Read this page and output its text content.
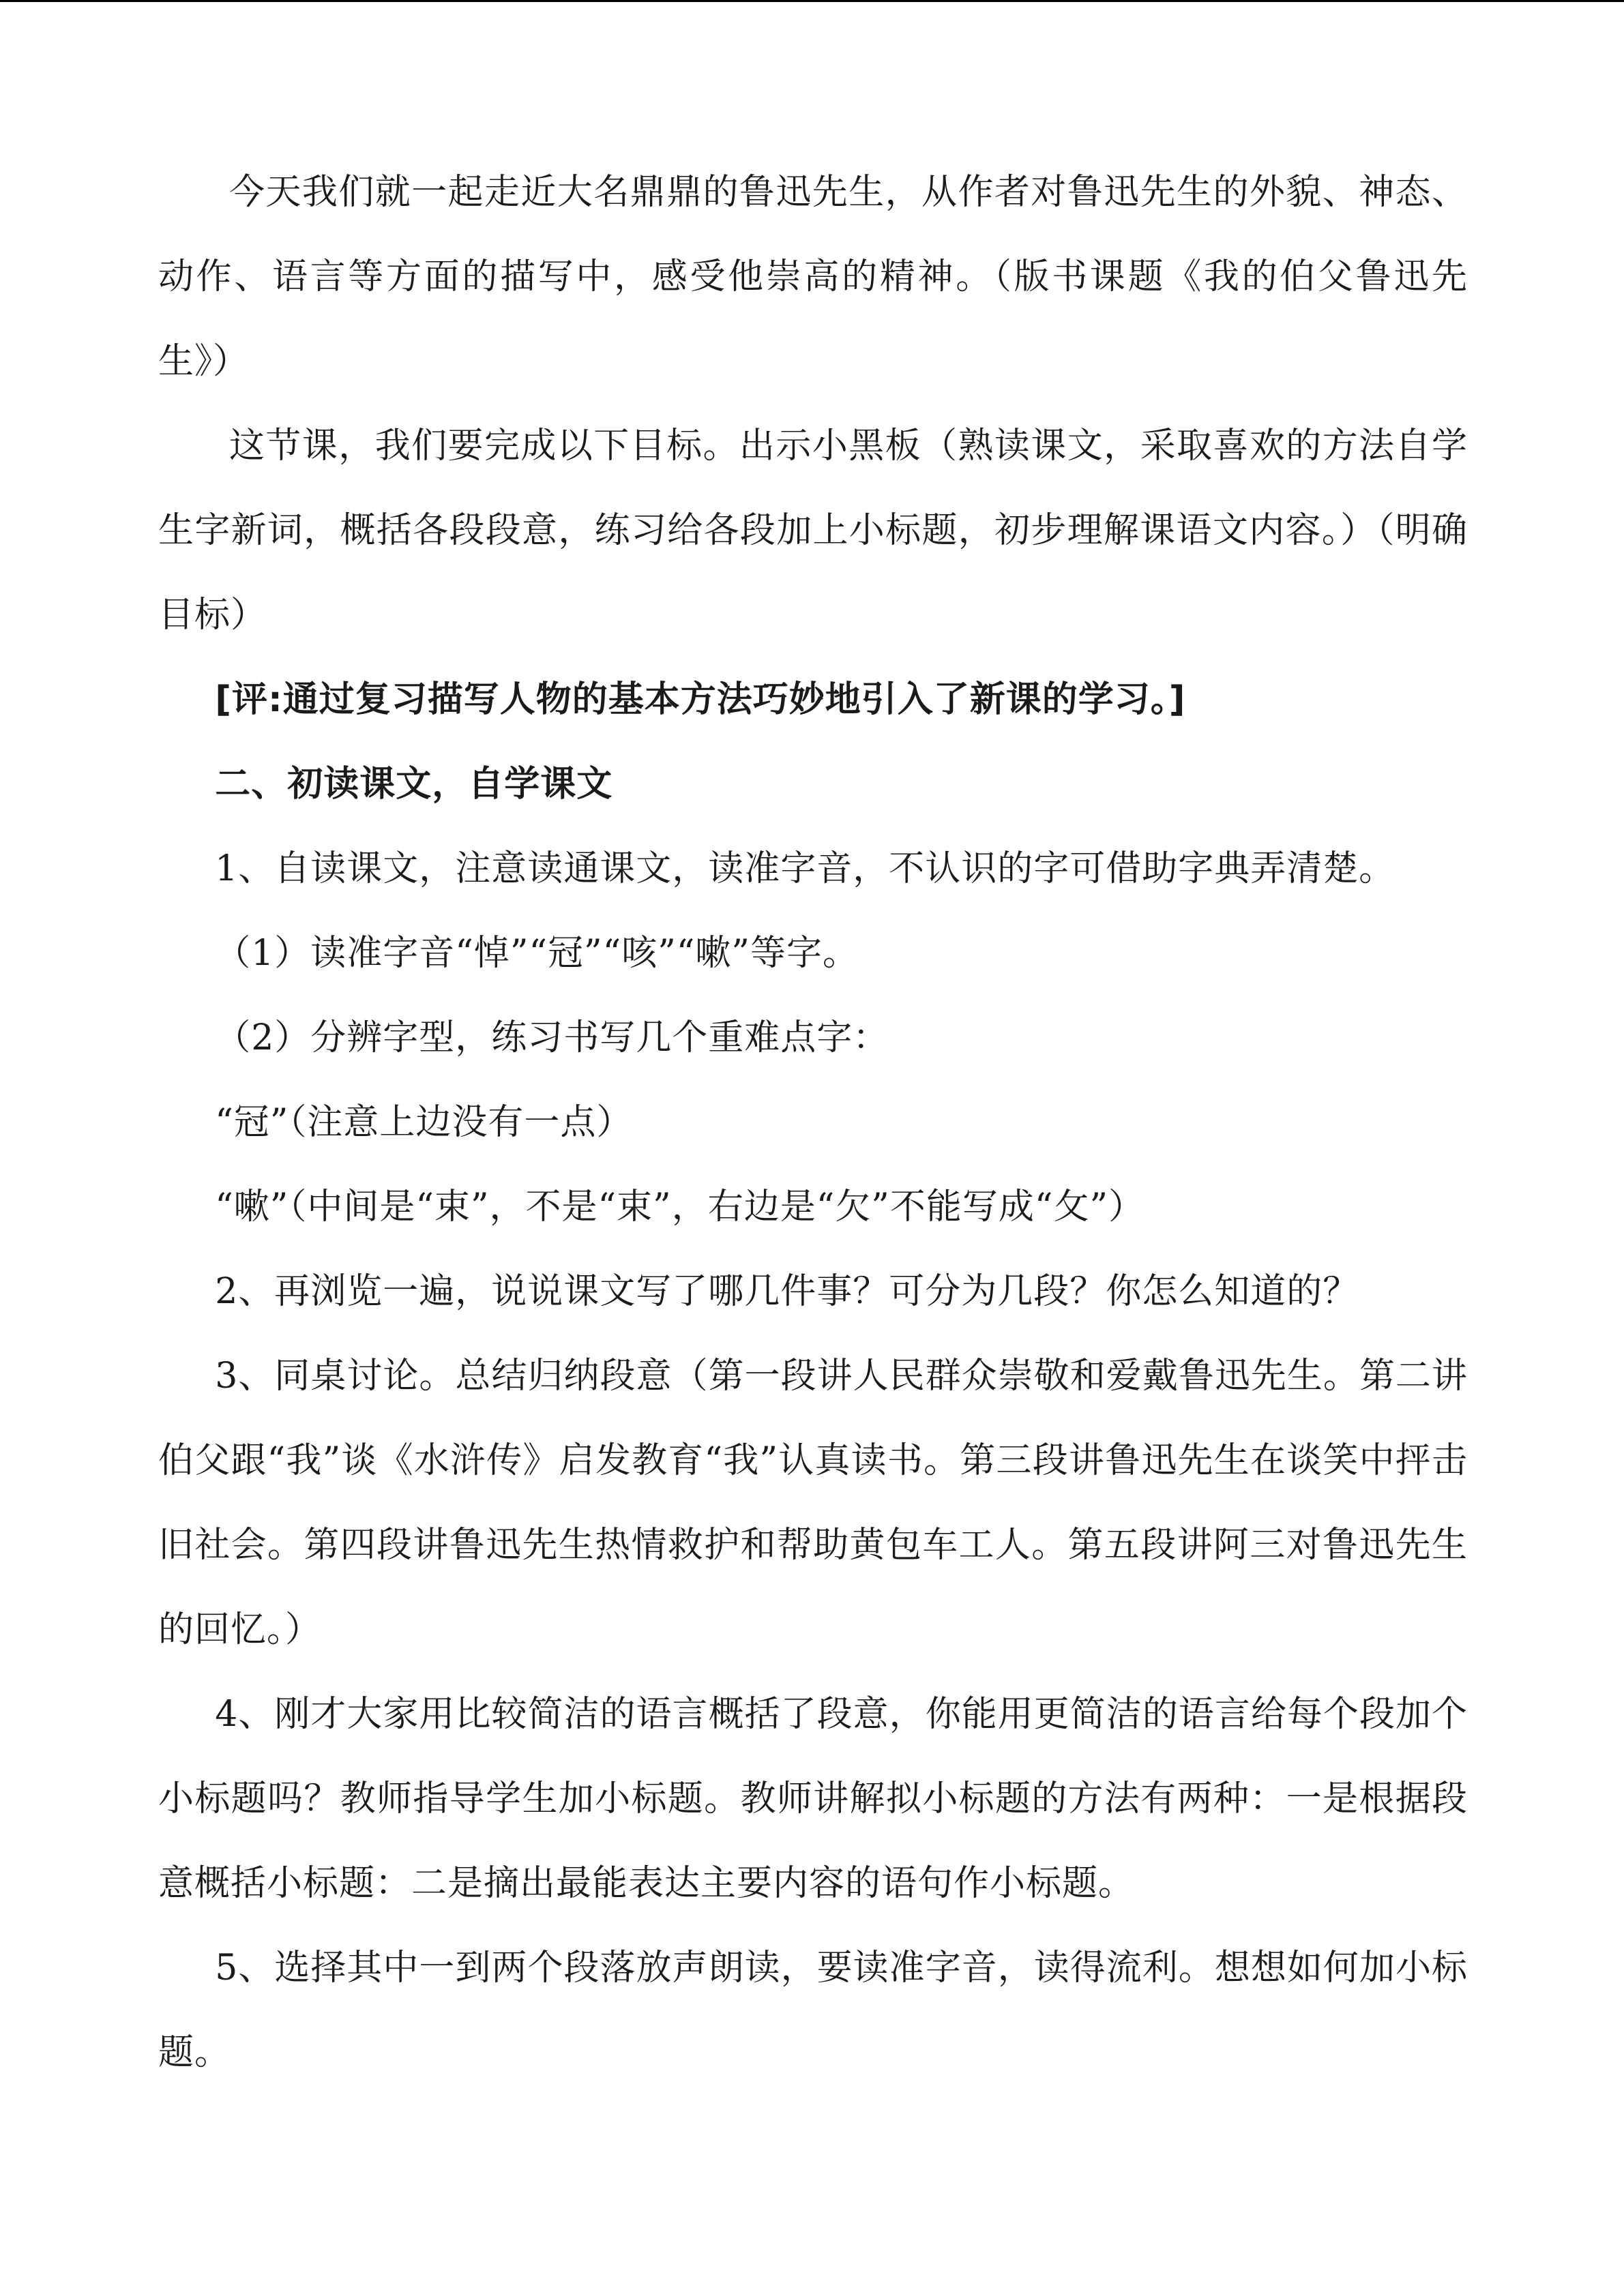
今天我们就一起走近大名鼎鼎的鲁迅先生，从作者对鲁迅先生的外貌、神态、动作、语言等方面的描写中，感受他崇高的精神。（版书课题《我的伯父鲁迅先生》）

这节课，我们要完成以下目标。出示小黑板（熟读课文，采取喜欢的方法自学生字新词，概括各段段意，练习给各段加上小标题，初步理解课语文内容。）（明确目标）

[评:通过复习描写人物的基本方法巧妙地引入了新课的学习。]

二、初读课文，自学课文

1、自读课文，注意读通课文，读准字音，不认识的字可借助字典弄清楚。

（1）读准字音“悼”“冠”“咳”“嗽”等字。

（2）分辨字型，练习书写几个重难点字：

“冠”（注意上边没有一点）

“嗽”（中间是“束”，不是“束”，右边是“欠”不能写成“攵”）

2、再浏览一遍，说说课文写了哪几件事？可分为几段？你怎么知道的？

3、同桌讨论。总结归纳段意（第一段讲人民群众崇敬和爱戴鲁迅先生。第二讲伯父跟“我”谈《水浒传》启发教育“我”认真读书。第三段讲鲁迅先生在谈笑中抨击旧社会。第四段讲鲁迅先生热情救护和帮助黄包车工人。第五段讲阿三对鲁迅先生的回忆。）

4、刚才大家用比较简洁的语言概括了段意，你能用更简洁的语言给每个段加个小标题吗？教师指导学生加小标题。教师讲解拟小标题的方法有两种：一是根据段意概括小标题：二是摘出最能表达主要内容的语句作小标题。

5、选择其中一到两个段落放声朗读，要读准字音，读得流利。想想如何加小标题。
